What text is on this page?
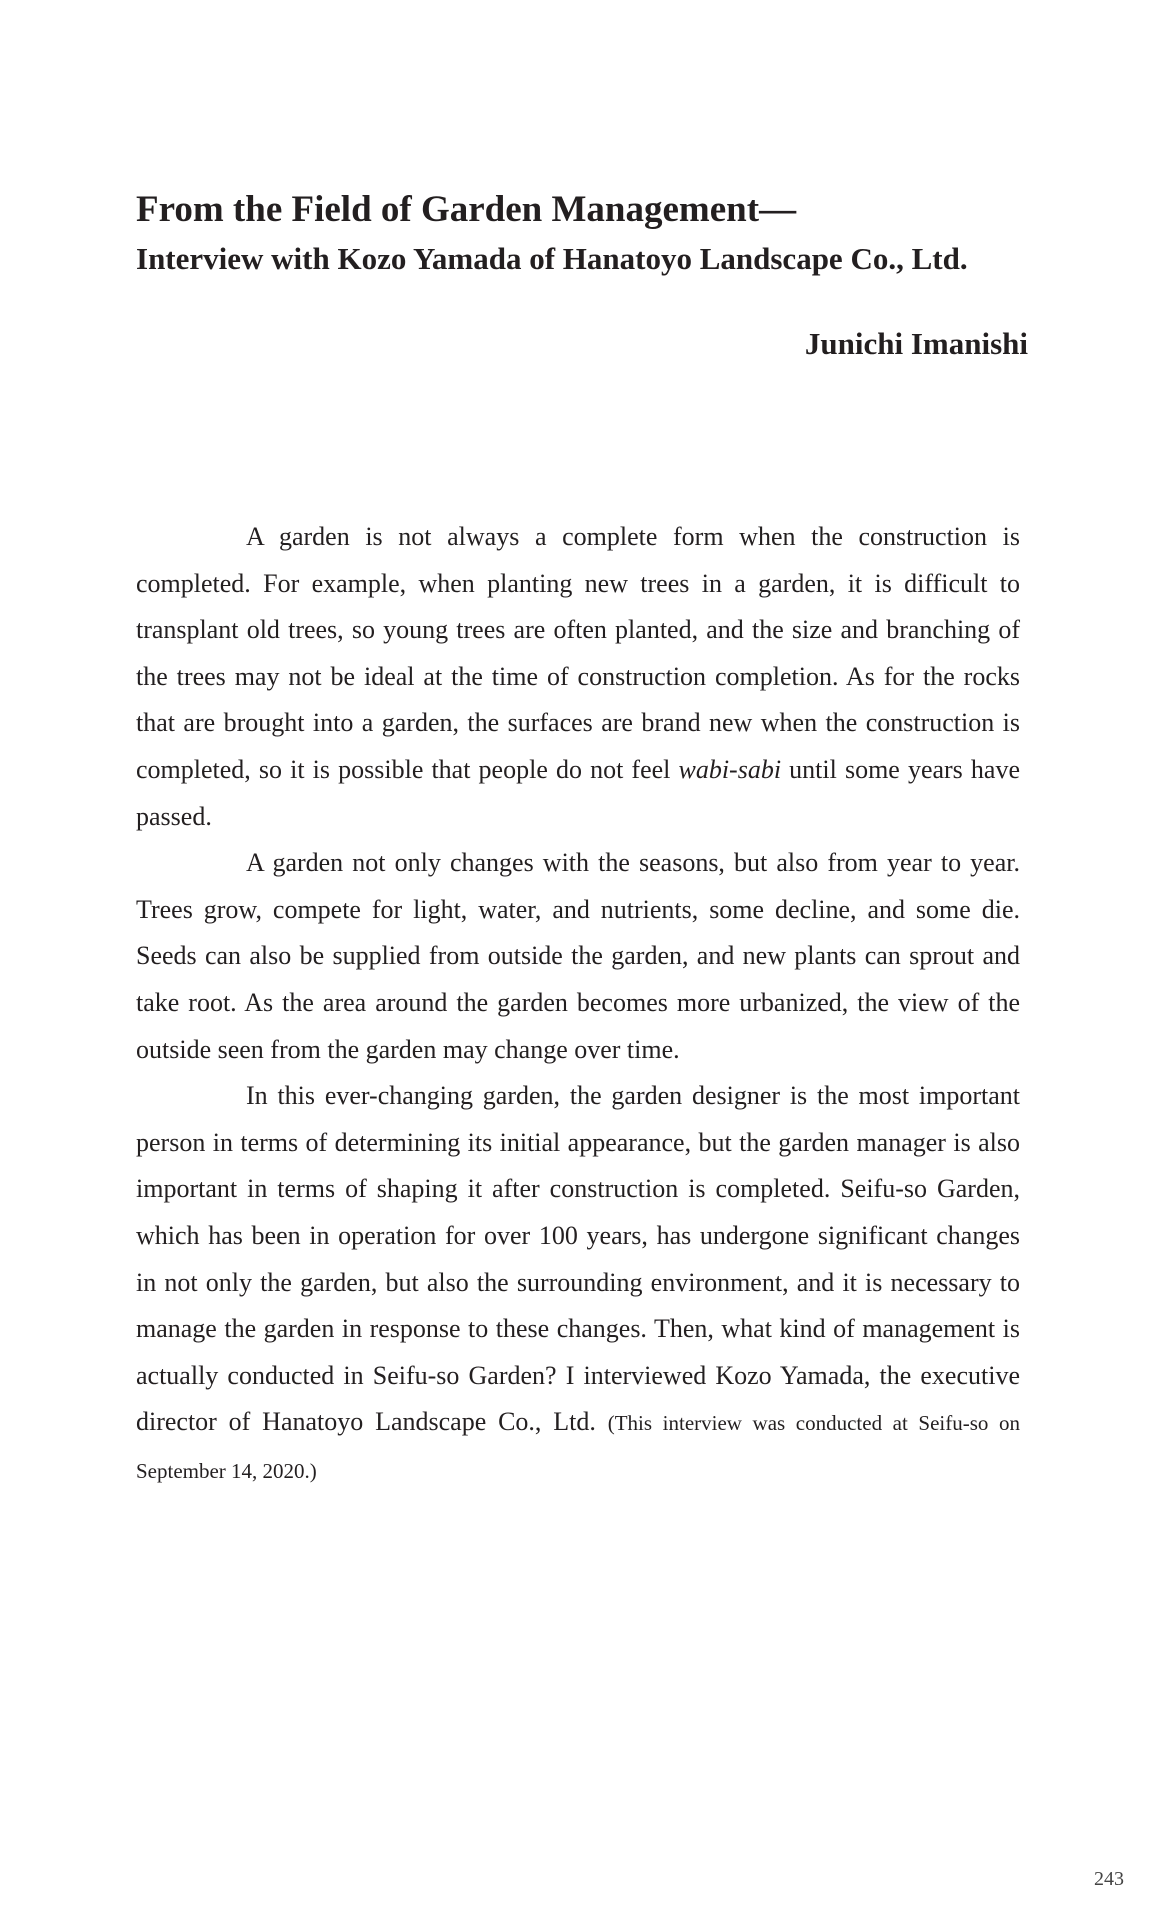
From the Field of Garden Management—
Interview with Kozo Yamada of Hanatoyo Landscape Co., Ltd.
Junichi Imanishi

A garden is not always a complete form when the construction is completed. For example, when planting new trees in a garden, it is difficult to transplant old trees, so young trees are often planted, and the size and branching of the trees may not be ideal at the time of construction completion. As for the rocks that are brought into a garden, the surfaces are brand new when the construction is completed, so it is possible that people do not feel wabi-sabi until some years have passed.

A garden not only changes with the seasons, but also from year to year. Trees grow, compete for light, water, and nutrients, some decline, and some die. Seeds can also be supplied from outside the garden, and new plants can sprout and take root. As the area around the garden becomes more urbanized, the view of the outside seen from the garden may change over time.

In this ever-changing garden, the garden designer is the most important person in terms of determining its initial appearance, but the garden manager is also important in terms of shaping it after construction is completed. Seifu-so Garden, which has been in operation for over 100 years, has undergone significant changes in not only the garden, but also the surrounding environment, and it is necessary to manage the garden in response to these changes. Then, what kind of management is actually conducted in Seifu-so Garden? I interviewed Kozo Yamada, the executive director of Hanatoyo Landscape Co., Ltd. (This interview was conducted at Seifu-so on September 14, 2020.)

243
